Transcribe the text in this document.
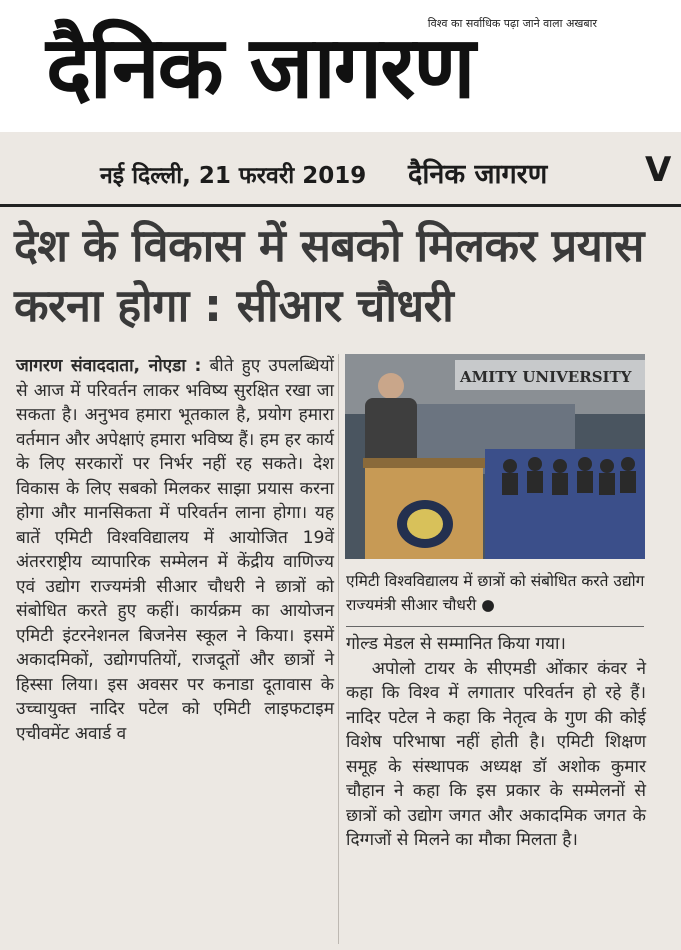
विश्व का सर्वाधिक पढ़ा जाने वाला अखबार
दैनिक जागरण
नई दिल्ली, 21 फरवरी 2019 दैनिक जागरण	V
देश के विकास में सबको मिलकर प्रयास करना होगा : सीआर चौधरी
जागरण संवाददाता, नोएडा : बीते हुए उपलब्धियों से आज में परिवर्तन लाकर भविष्य सुरक्षित रखा जा सकता है। अनुभव हमारा भूतकाल है, प्रयोग हमारा वर्तमान और अपेक्षाएं हमारा भविष्य हैं। हम हर कार्य के लिए सरकारों पर निर्भर नहीं रह सकते। देश विकास के लिए सबको मिलकर साझा प्रयास करना होगा और मानसिकता में परिवर्तन लाना होगा। यह बातें एमिटी विश्वविद्यालय में आयोजित 19वें अंतरराष्ट्रीय व्यापारिक सम्मेलन में केंद्रीय वाणिज्य एवं उद्योग राज्यमंत्री सीआर चौधरी ने छात्रों को संबोधित करते हुए कहीं। कार्यक्रम का आयोजन एमिटी इंटरनेशनल बिजनेस स्कूल ने किया। इसमें अकादमिकों, उद्योगपतियों, राजदूतों और छात्रों ने हिस्सा लिया। इस अवसर पर कनाडा दूतावास के उच्चायुक्त नादिर पटेल को एमिटी लाइफटाइम एचीवमेंट अवार्ड व
AMITY UNIVERSITY
एमिटी विश्वविद्यालय में छात्रों को संबोधित करते उद्योग राज्यमंत्री सीआर चौधरी ●

गोल्ड मेडल से सम्मानित किया गया।

अपोलो टायर के सीएमडी ओंकार कंवर ने कहा कि विश्व में लगातार परिवर्तन हो रहे हैं। नादिर पटेल ने कहा कि नेतृत्व के गुण की कोई विशेष परिभाषा नहीं होती है। एमिटी शिक्षण समूह के संस्थापक अध्यक्ष डॉ अशोक कुमार चौहान ने कहा कि इस प्रकार के सम्मेलनों से छात्रों को उद्योग जगत और अकादमिक जगत के दिग्गजों से मिलने का मौका मिलता है।
